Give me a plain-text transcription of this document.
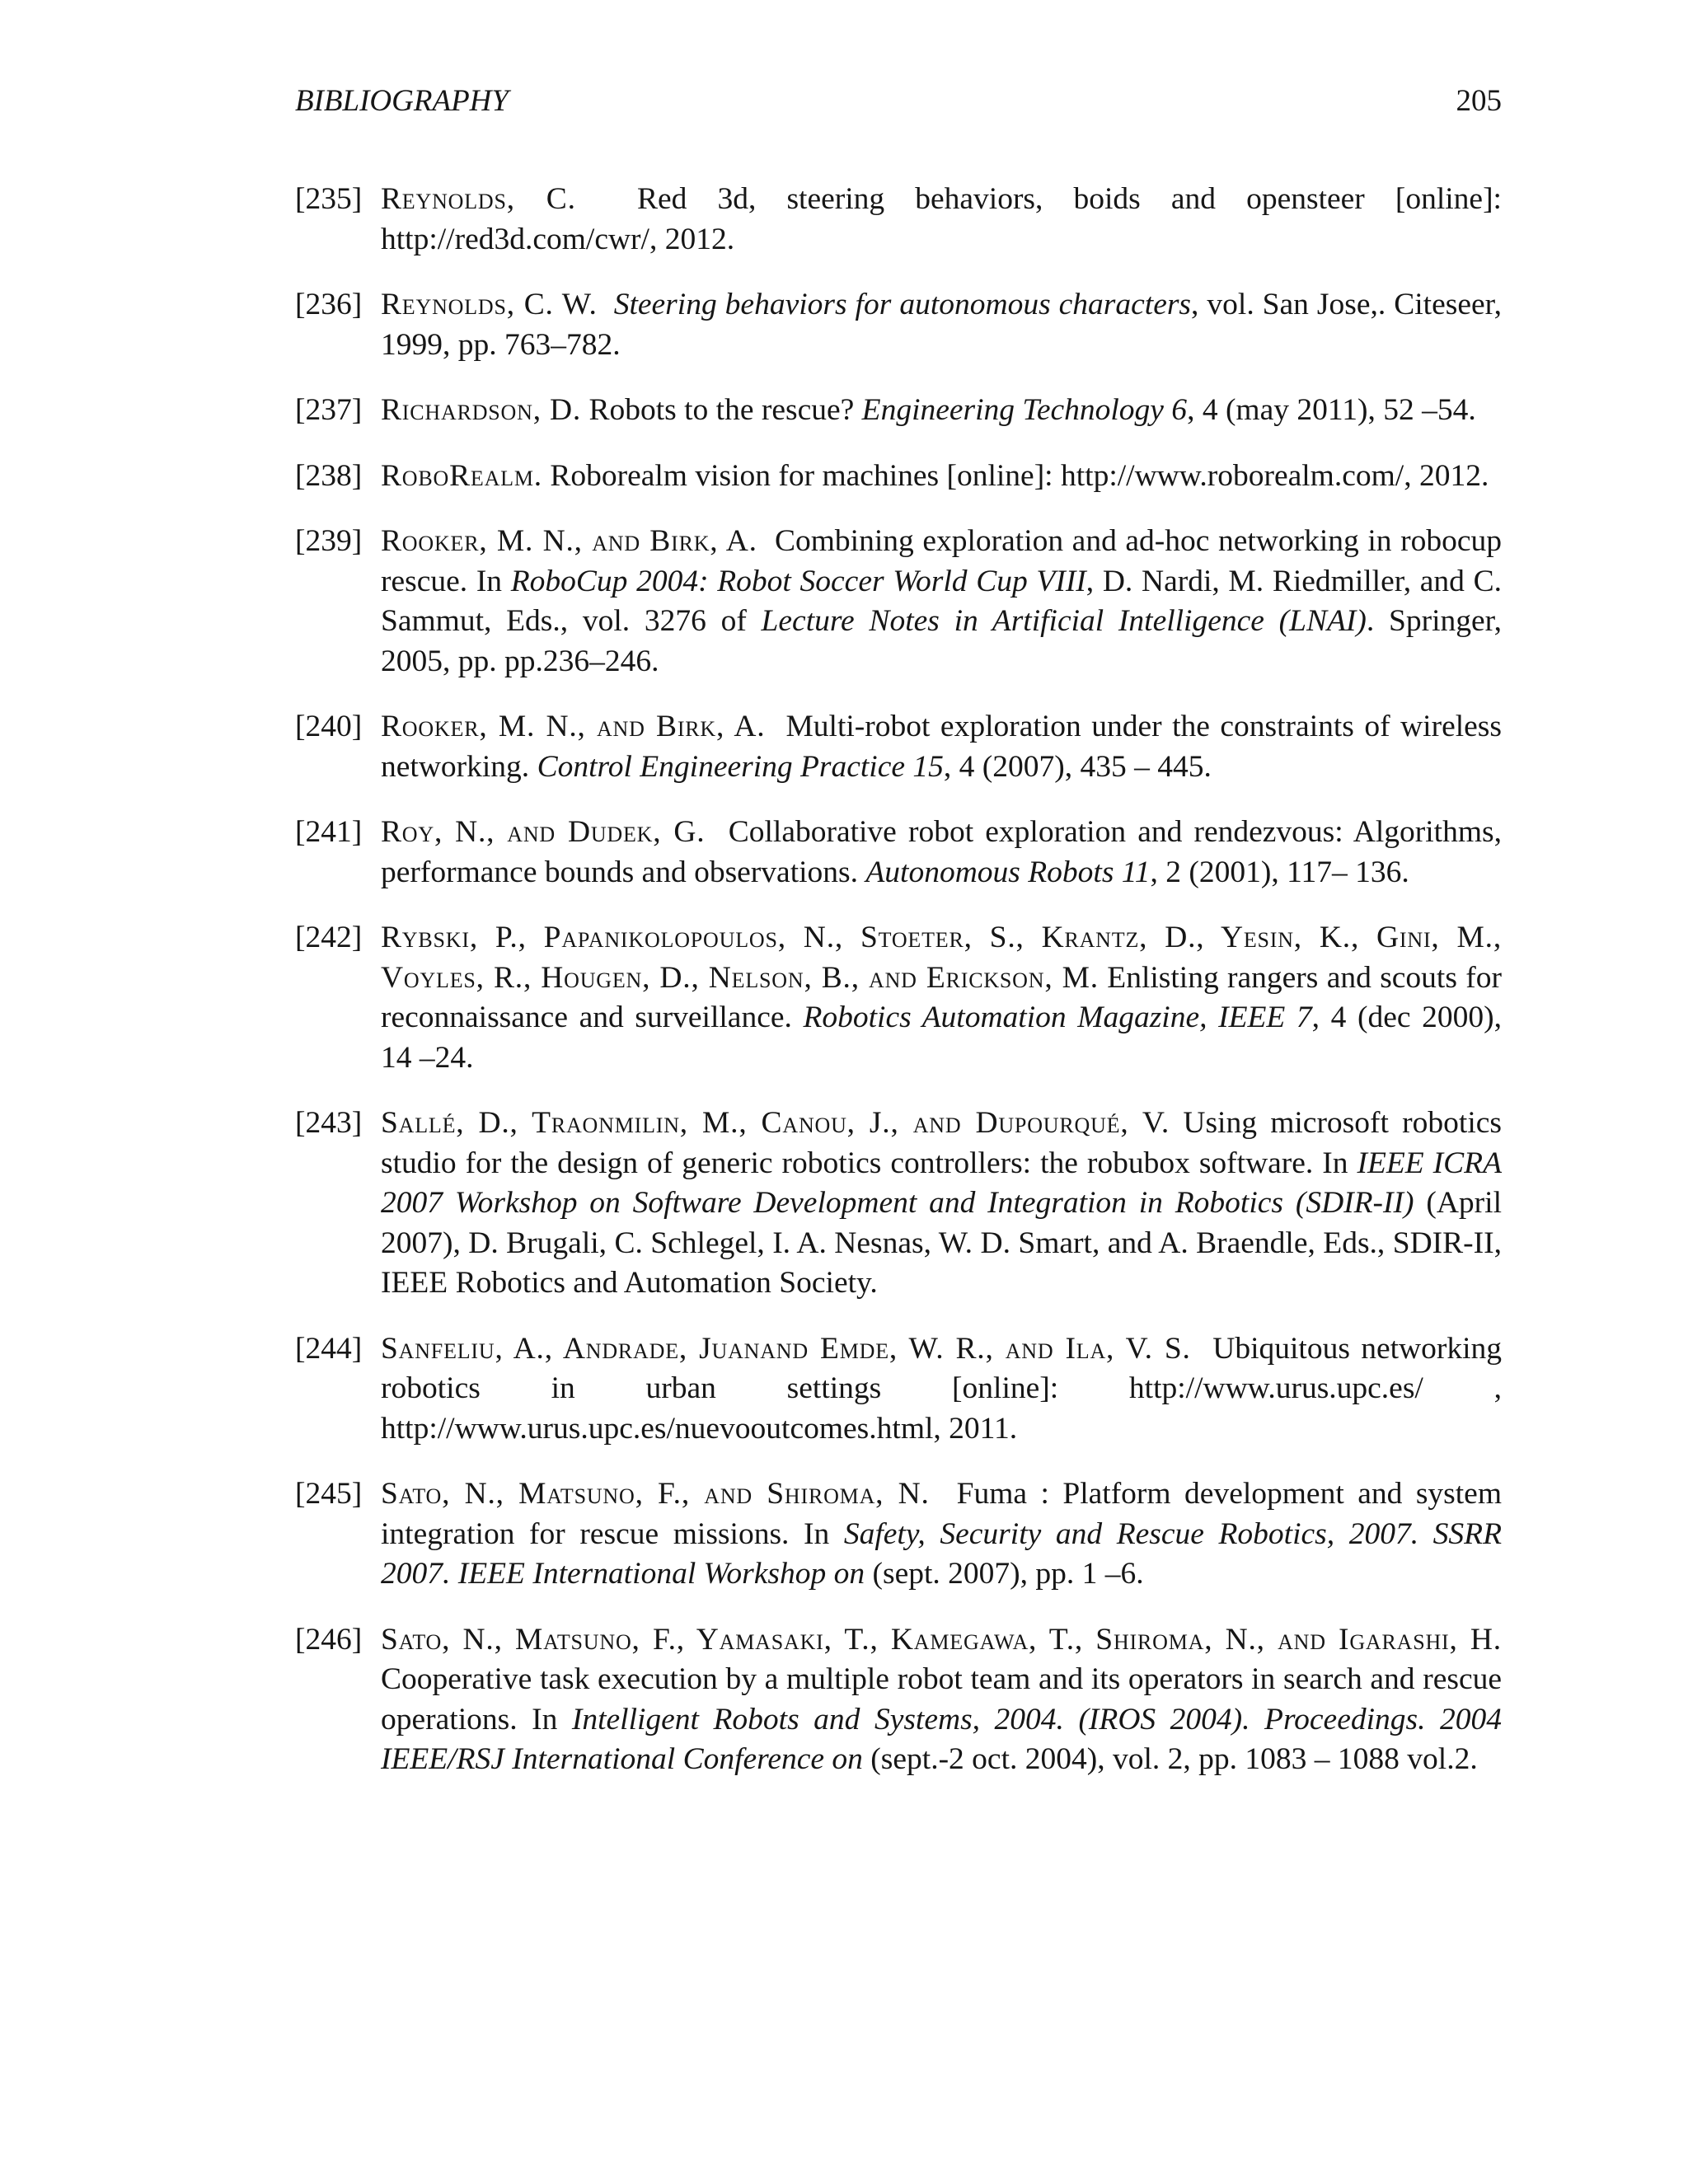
BIBLIOGRAPHY	205
[235] Reynolds, C.  Red 3d, steering behaviors, boids and opensteer [online]: http://red3d.com/cwr/, 2012.
[236] Reynolds, C. W. Steering behaviors for autonomous characters, vol. San Jose,. Citeseer, 1999, pp. 763–782.
[237] Richardson, D. Robots to the rescue? Engineering Technology 6, 4 (may 2011), 52 –54.
[238] RoboRealm. Roborealm vision for machines [online]: http://www.roborealm.com/, 2012.
[239] Rooker, M. N., and Birk, A.  Combining exploration and ad-hoc networking in robocup rescue. In RoboCup 2004: Robot Soccer World Cup VIII, D. Nardi, M. Riedmiller, and C. Sammut, Eds., vol. 3276 of Lecture Notes in Artificial Intelligence (LNAI). Springer, 2005, pp. pp.236–246.
[240] Rooker, M. N., and Birk, A.  Multi-robot exploration under the constraints of wireless networking. Control Engineering Practice 15, 4 (2007), 435 – 445.
[241] Roy, N., and Dudek, G.  Collaborative robot exploration and rendezvous: Algorithms, performance bounds and observations. Autonomous Robots 11, 2 (2001), 117– 136.
[242] Rybski, P., Papanikolopoulos, N., Stoeter, S., Krantz, D., Yesin, K., Gini, M., Voyles, R., Hougen, D., Nelson, B., and Erickson, M. Enlisting rangers and scouts for reconnaissance and surveillance. Robotics Automation Magazine, IEEE 7, 4 (dec 2000), 14 –24.
[243] Sallé, D., Traonmilin, M., Canou, J., and Dupourqué, V. Using microsoft robotics studio for the design of generic robotics controllers: the robubox software. In IEEE ICRA 2007 Workshop on Software Development and Integration in Robotics (SDIR-II) (April 2007), D. Brugali, C. Schlegel, I. A. Nesnas, W. D. Smart, and A. Braendle, Eds., SDIR-II, IEEE Robotics and Automation Society.
[244] Sanfeliu, A., Andrade, Juanand Emde, W. R., and Ila, V. S.  Ubiquitous networking robotics in urban settings [online]: http://www.urus.upc.es/ , http://www.urus.upc.es/nuevooutcomes.html, 2011.
[245] Sato, N., Matsuno, F., and Shiroma, N.  Fuma : Platform development and system integration for rescue missions. In Safety, Security and Rescue Robotics, 2007. SSRR 2007. IEEE International Workshop on (sept. 2007), pp. 1 –6.
[246] Sato, N., Matsuno, F., Yamasaki, T., Kamegawa, T., Shiroma, N., and Igarashi, H. Cooperative task execution by a multiple robot team and its operators in search and rescue operations. In Intelligent Robots and Systems, 2004. (IROS 2004). Proceedings. 2004 IEEE/RSJ International Conference on (sept.-2 oct. 2004), vol. 2, pp. 1083 – 1088 vol.2.
